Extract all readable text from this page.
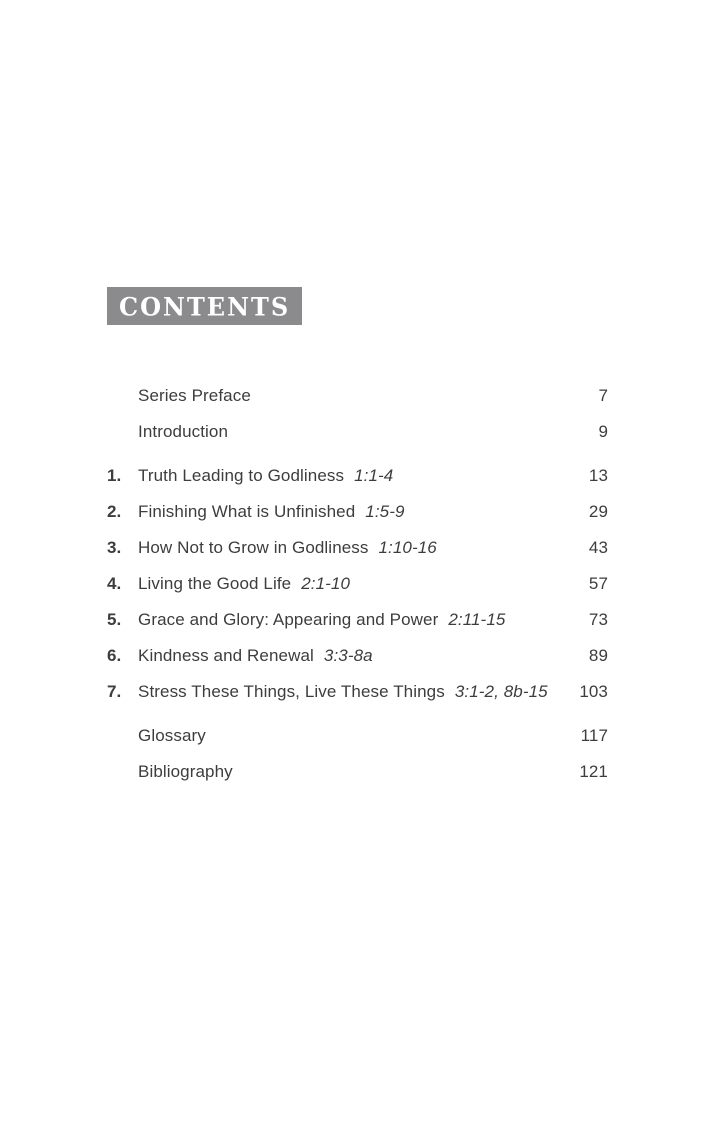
CONTENTS
Series Preface	7
Introduction	9
1. Truth Leading to Godliness 1:1-4	13
2. Finishing What is Unfinished 1:5-9	29
3. How Not to Grow in Godliness 1:10-16	43
4. Living the Good Life 2:1-10	57
5. Grace and Glory: Appearing and Power 2:11-15	73
6. Kindness and Renewal 3:3-8a	89
7. Stress These Things, Live These Things 3:1-2, 8b-15	103
Glossary	117
Bibliography	121
